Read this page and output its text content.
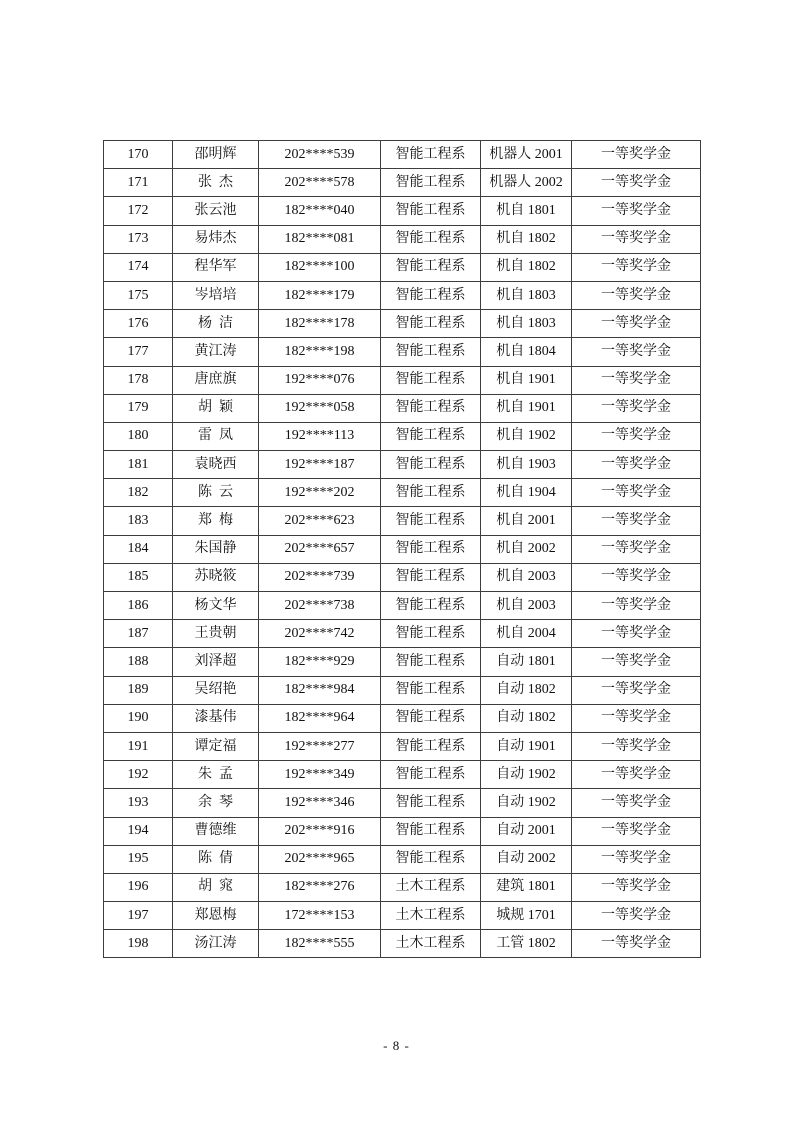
170	邵明辉	202****539	智能工程系	机器人 2001	一等奖学金
171	张 杰	202****578	智能工程系	机器人 2002	一等奖学金
172	张云池	182****040	智能工程系	机自 1801	一等奖学金
173	易炜杰	182****081	智能工程系	机自 1802	一等奖学金
174	程华军	182****100	智能工程系	机自 1802	一等奖学金
175	岑培培	182****179	智能工程系	机自 1803	一等奖学金
176	杨 洁	182****178	智能工程系	机自 1803	一等奖学金
177	黄江涛	182****198	智能工程系	机自 1804	一等奖学金
178	唐庶旗	192****076	智能工程系	机自 1901	一等奖学金
179	胡 颖	192****058	智能工程系	机自 1901	一等奖学金
180	雷 凤	192****113	智能工程系	机自 1902	一等奖学金
181	袁晓西	192****187	智能工程系	机自 1903	一等奖学金
182	陈 云	192****202	智能工程系	机自 1904	一等奖学金
183	郑 梅	202****623	智能工程系	机自 2001	一等奖学金
184	朱国静	202****657	智能工程系	机自 2002	一等奖学金
185	苏晓筱	202****739	智能工程系	机自 2003	一等奖学金
186	杨文华	202****738	智能工程系	机自 2003	一等奖学金
187	王贵朝	202****742	智能工程系	机自 2004	一等奖学金
188	刘泽超	182****929	智能工程系	自动 1801	一等奖学金
189	吴绍艳	182****984	智能工程系	自动 1802	一等奖学金
190	漆基伟	182****964	智能工程系	自动 1802	一等奖学金
191	谭定福	192****277	智能工程系	自动 1901	一等奖学金
192	朱 孟	192****349	智能工程系	自动 1902	一等奖学金
193	余 琴	192****346	智能工程系	自动 1902	一等奖学金
194	曹德维	202****916	智能工程系	自动 2001	一等奖学金
195	陈 倩	202****965	智能工程系	自动 2002	一等奖学金
196	胡 窕	182****276	土木工程系	建筑 1801	一等奖学金
197	郑恩梅	172****153	土木工程系	城规 1701	一等奖学金
198	汤江涛	182****555	土木工程系	工管 1802	一等奖学金
- 8 -
